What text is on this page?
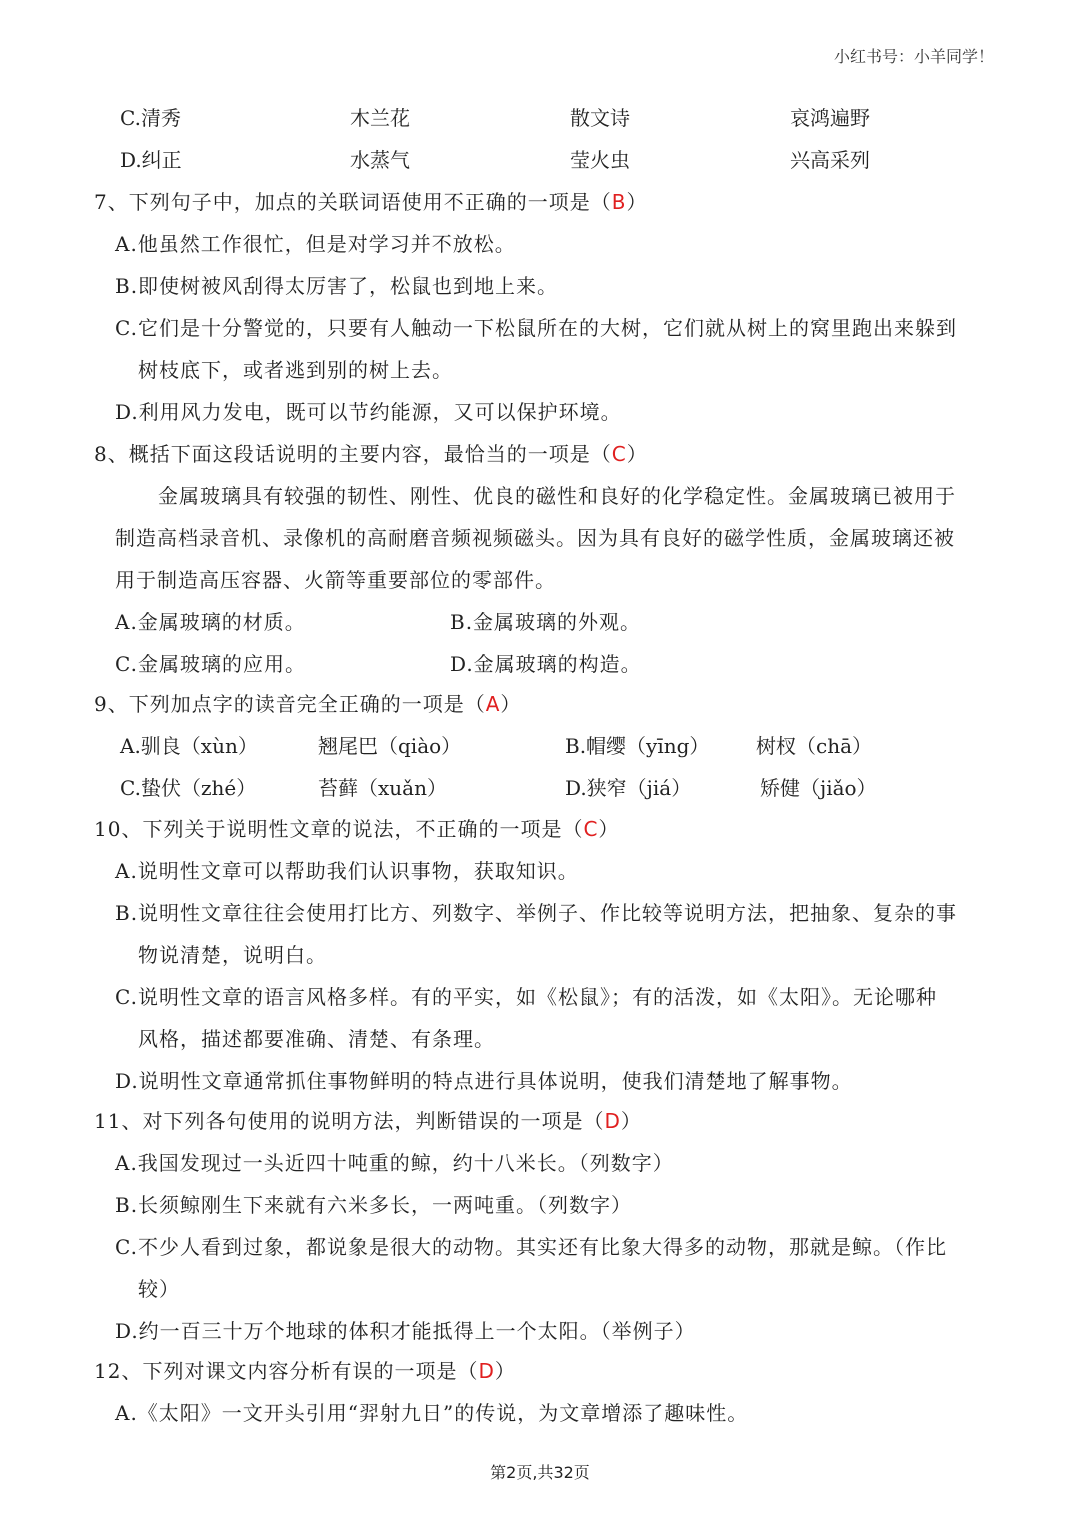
小红书号：小羊同学！
C.清秀	木兰花	散文诗	哀鸿遍野
D.纠正	水蒸气	莹火虫	兴高采列
7、下列句子中，加点的关联词语使用不正确的一项是（B）
A.他虽然工作很忙，但是对学习并不放松。
B.即使树被风刮得太厉害了，松鼠也到地上来。
C.它们是十分警觉的，只要有人触动一下松鼠所在的大树，它们就从树上的窝里跑出来躲到
树枝底下，或者逃到别的树上去。
D.利用风力发电，既可以节约能源，又可以保护环境。
8、概括下面这段话说明的主要内容，最恰当的一项是（C）
金属玻璃具有较强的韧性、刚性、优良的磁性和良好的化学稳定性。金属玻璃已被用于
制造高档录音机、录像机的高耐磨音频视频磁头。因为具有良好的磁学性质，金属玻璃还被
用于制造高压容器、火箭等重要部位的零部件。
A.金属玻璃的材质。	B.金属玻璃的外观。
C.金属玻璃的应用。	D.金属玻璃的构造。
9、下列加点字的读音完全正确的一项是（A）
A.驯良（xùn）	翘尾巴（qiào）	B.帽缨（yīng） 树杈（chā）
C.蛰伏（zhé）	苔藓（xuǎn）	D.狭窄（jiá）	矫健（jiǎo）
10、下列关于说明性文章的说法，不正确的一项是（C）
A.说明性文章可以帮助我们认识事物，获取知识。
B.说明性文章往往会使用打比方、列数字、举例子、作比较等说明方法，把抽象、复杂的事
物说清楚，说明白。
C.说明性文章的语言风格多样。有的平实，如《松鼠》；有的活泼，如《太阳》。无论哪种
风格，描述都要准确、清楚、有条理。
D.说明性文章通常抓住事物鲜明的特点进行具体说明，使我们清楚地了解事物。
11、对下列各句使用的说明方法，判断错误的一项是（D）
A.我国发现过一头近四十吨重的鲸，约十八米长。（列数字）
B.长须鲸刚生下来就有六米多长，一两吨重。（列数字）
C.不少人看到过象，都说象是很大的动物。其实还有比象大得多的动物，那就是鲸。（作比
较）
D.约一百三十万个地球的体积才能抵得上一个太阳。（举例子）
12、下列对课文内容分析有误的一项是（D）
A.《太阳》一文开头引用“羿射九日”的传说，为文章增添了趣味性。
第2页,共32页
